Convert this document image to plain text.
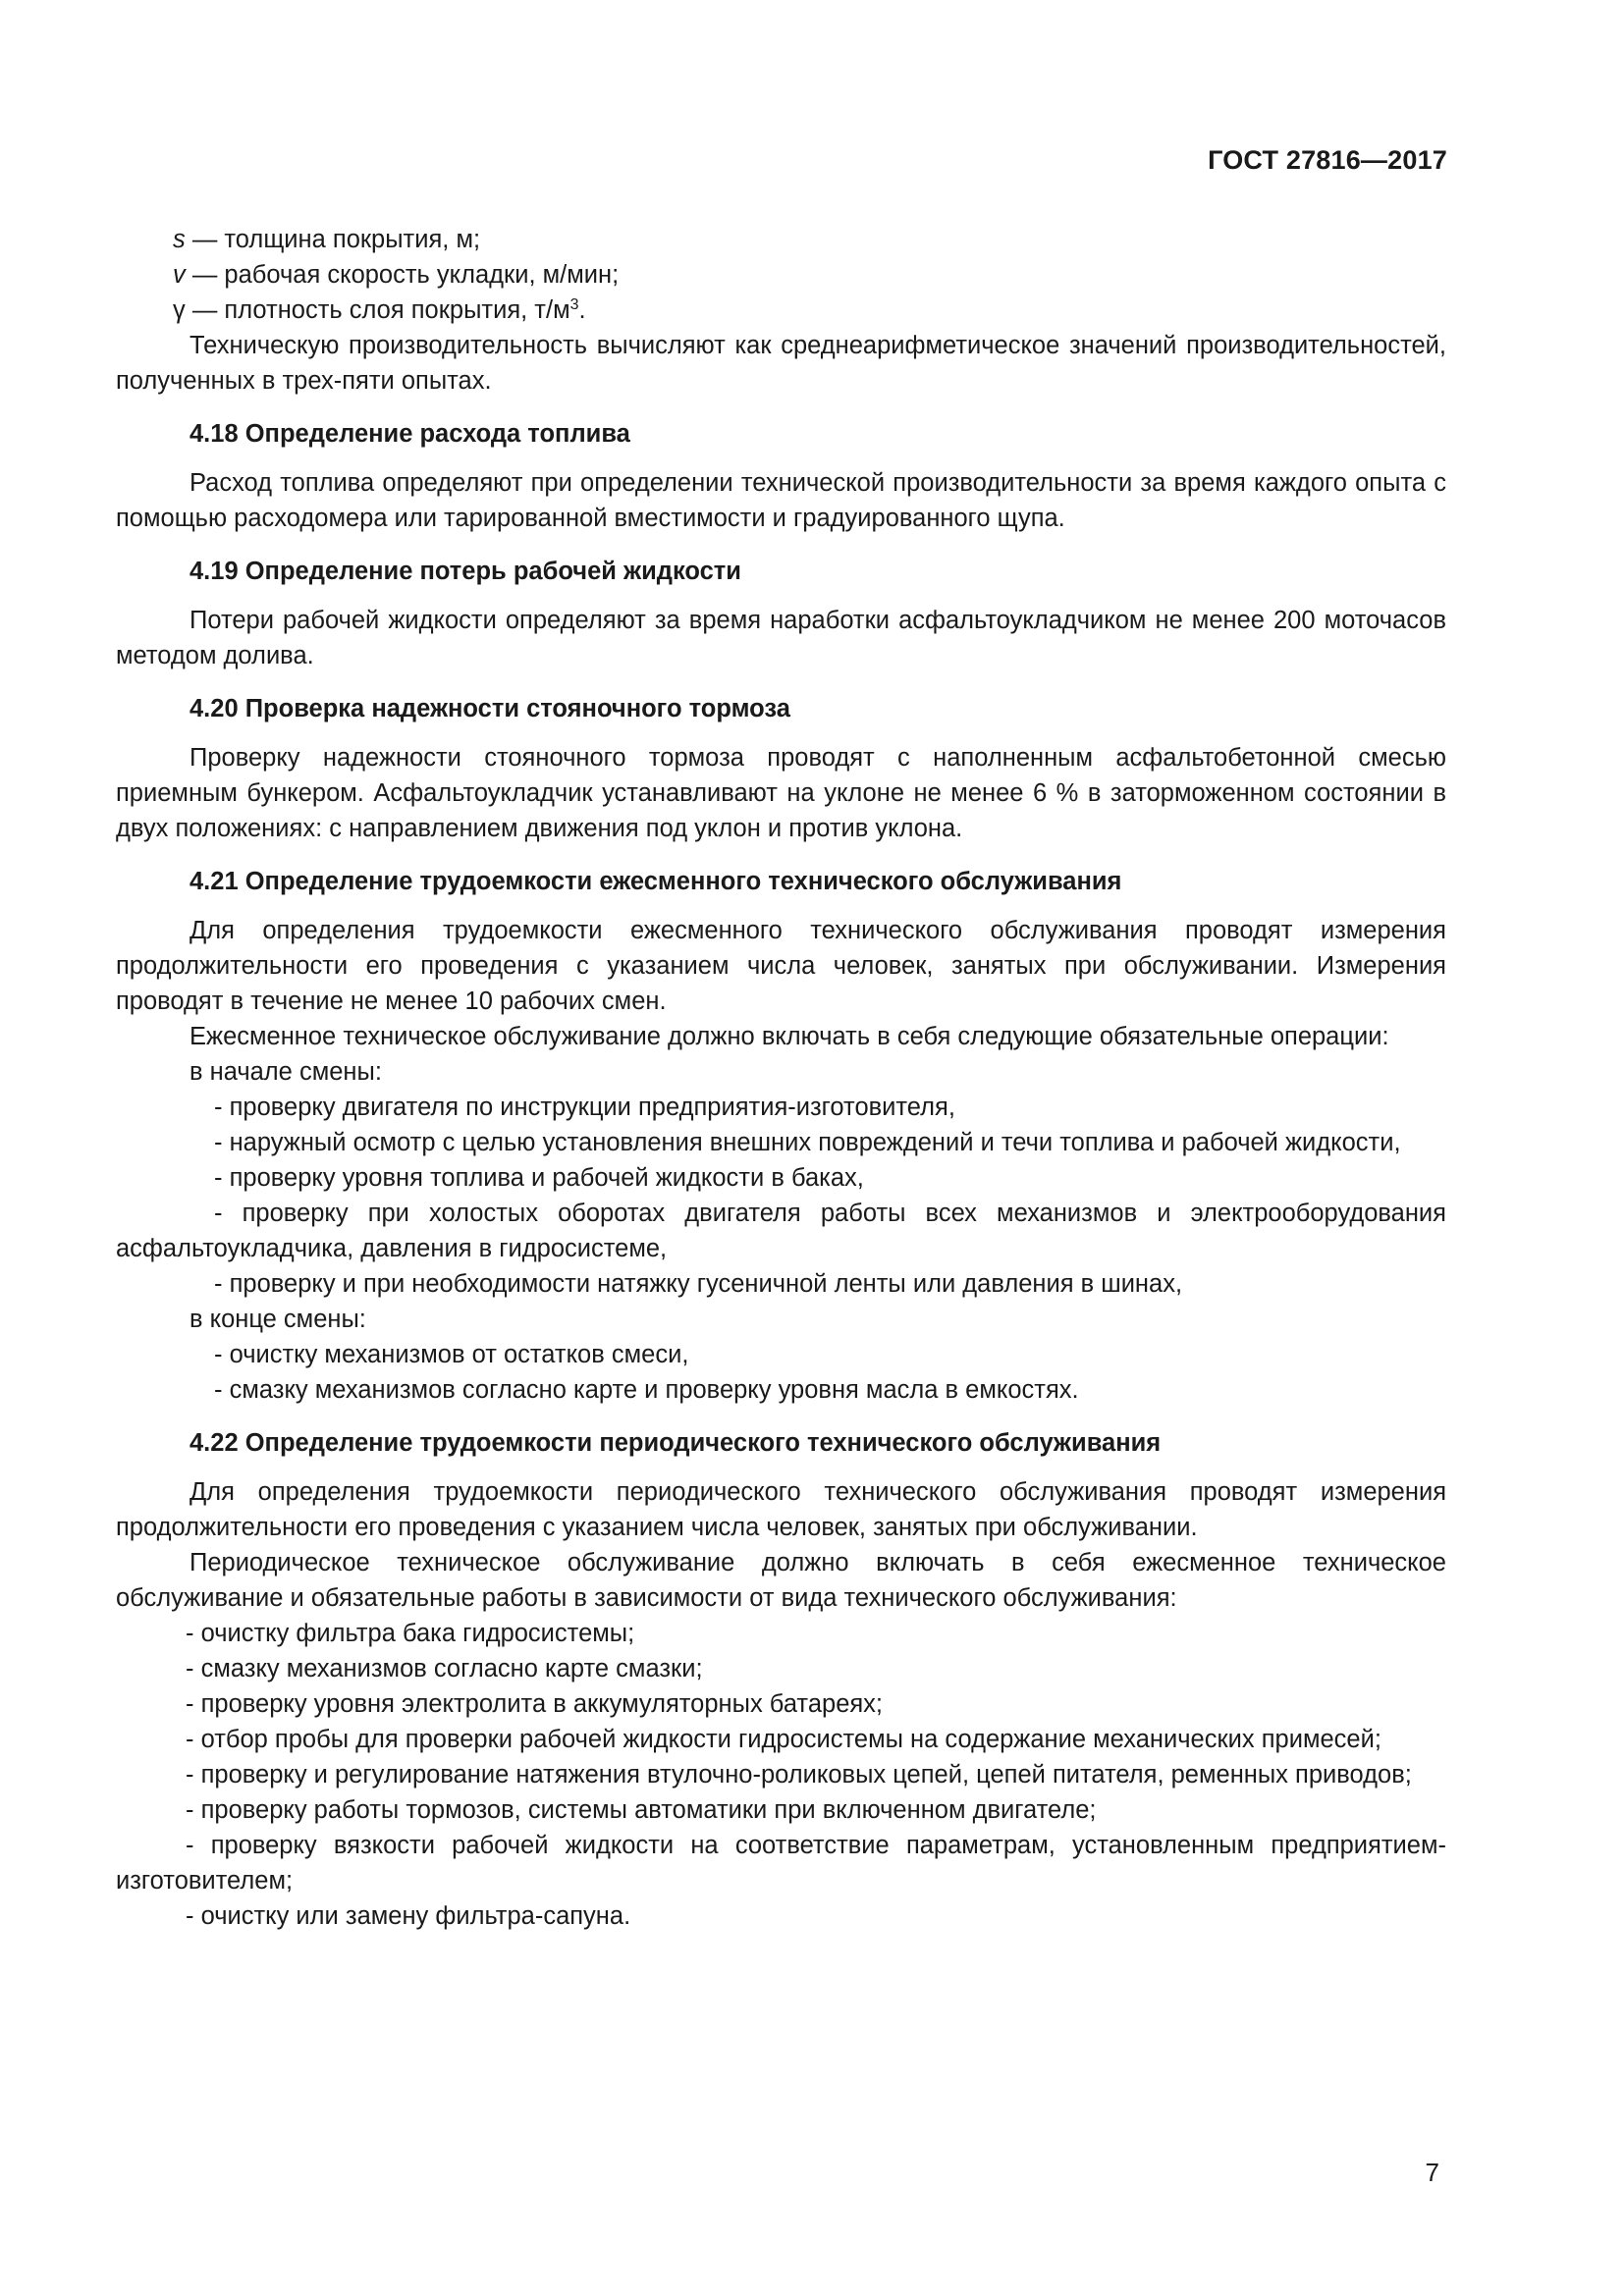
ГОСТ 27816—2017

s — толщина покрытия, м;

v — рабочая скорость укладки, м/мин;

γ — плотность слоя покрытия, $т/м^3$.

Техническую производительность вычисляют как среднеарифметическое значений производительностей, полученных в трех-пяти опытах.

4.18 Определение расхода топлива

Расход топлива определяют при определении технической производительности за время каждого опыта с помощью расходомера или тарированной вместимости и градуированного щупа.

4.19 Определение потерь рабочей жидкости

Потери рабочей жидкости определяют за время наработки асфальтоукладчиком не менее 200 моточасов методом долива.

4.20 Проверка надежности стояночного тормоза

Проверку надежности стояночного тормоза проводят с наполненным асфальтобетонной смесью приемным бункером. Асфальтоукладчик устанавливают на уклоне не менее 6 % в заторможенном состоянии в двух положениях: с направлением движения под уклон и против уклона.

4.21 Определение трудоемкости ежесменного технического обслуживания

Для определения трудоемкости ежесменного технического обслуживания проводят измерения продолжительности его проведения с указанием числа человек, занятых при обслуживании. Измерения проводят в течение не менее 10 рабочих смен.

Ежесменное техническое обслуживание должно включать в себя следующие обязательные операции:

в начале смены:

- проверку двигателя по инструкции предприятия-изготовителя,

- наружный осмотр с целью установления внешних повреждений и течи топлива и рабочей жидкости,

- проверку уровня топлива и рабочей жидкости в баках,

- проверку при холостых оборотах двигателя работы всех механизмов и электрооборудования асфальтоукладчика, давления в гидросистеме,

- проверку и при необходимости натяжку гусеничной ленты или давления в шинах,

в конце смены:

- очистку механизмов от остатков смеси,

- смазку механизмов согласно карте и проверку уровня масла в емкостях.

4.22 Определение трудоемкости периодического технического обслуживания

Для определения трудоемкости периодического технического обслуживания проводят измерения продолжительности его проведения с указанием числа человек, занятых при обслуживании.

Периодическое техническое обслуживание должно включать в себя ежесменное техническое обслуживание и обязательные работы в зависимости от вида технического обслуживания:

- очистку фильтра бака гидросистемы;

- смазку механизмов согласно карте смазки;

- проверку уровня электролита в аккумуляторных батареях;

- отбор пробы для проверки рабочей жидкости гидросистемы на содержание механических примесей;

- проверку и регулирование натяжения втулочно-роликовых цепей, цепей питателя, ременных приводов;

- проверку работы тормозов, системы автоматики при включенном двигателе;

- проверку вязкости рабочей жидкости на соответствие параметрам, установленным предприятием-изготовителем;

- очистку или замену фильтра-сапуна.

7
